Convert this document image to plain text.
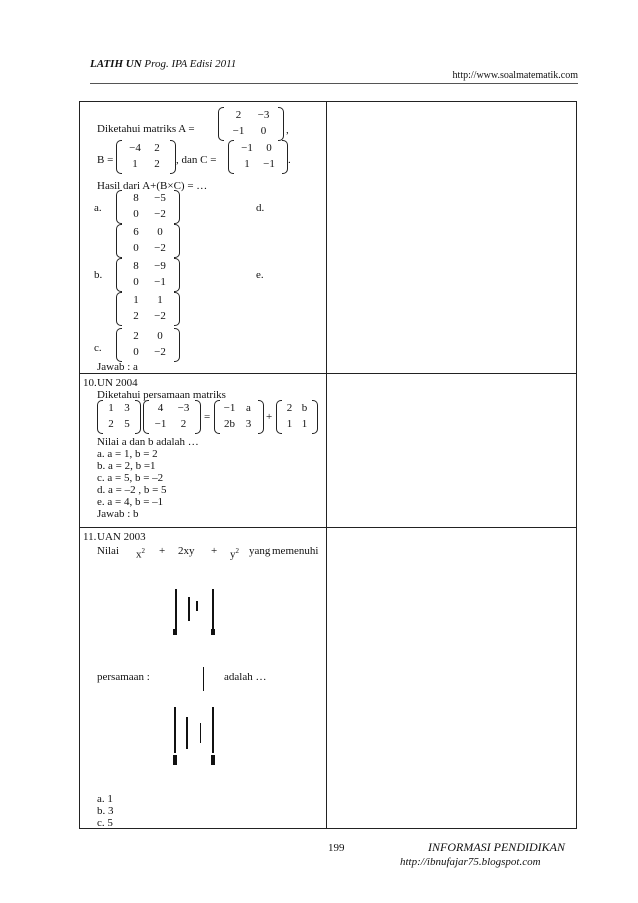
LATIH UN Prog. IPA Edisi 2011
http://www.soalmatematik.com
Diketahui matriks A =
2	−3
−1	0	,
B =
−4	2
1	2	, dan C =
−1	0
1	−1 .
Hasil dari A+(B×C) = …
a.
8	−5
0	−2	d.
6	0
0	−2
b.
8	−9
0	−1
e.
1	1
2	−2
c.
2	0
0	−2
Jawab : a
10. UN 2004
Diketahui persamaan matriks
1 3
2 5
4	−3
−1	2
=
−1 a
2b 3
+
2 b
1 1
Nilai a dan b adalah …
a. a = 1, b = 2
b. a = 2, b =1
c. a = 5, b = –2
d. a = –2 , b = 5
e. a = 4, b = –1
Jawab : b
11. UAN 2003
Nilai $x^2 + 2xy + y^2$ yang memenuhi
persamaan :	adalah …
a. 1
b. 3
c. 5
199	INFORMASI PENDIDIKAN
http://ibnufajar75.blogspot.com
